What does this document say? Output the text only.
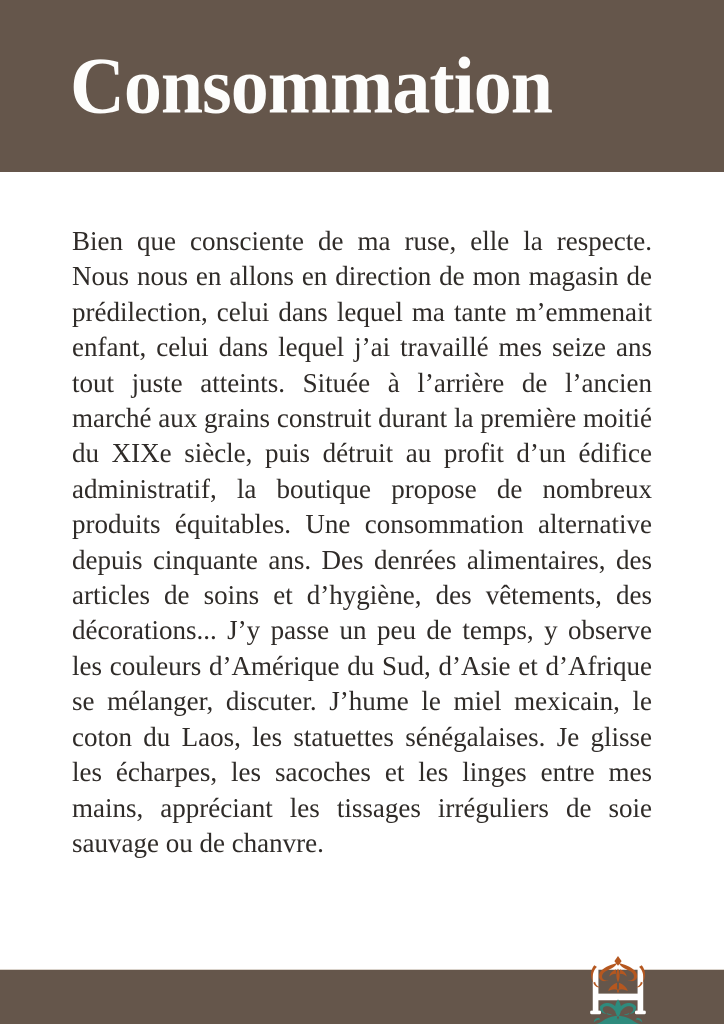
Consommation

Bien que consciente de ma ruse, elle la respecte. Nous nous en allons en direction de mon magasin de prédilection, celui dans lequel ma tante m’emmenait enfant, celui dans lequel j’ai travaillé mes seize ans tout juste atteints. Située à l’arrière de l’ancien marché aux grains construit durant la première moitié du XIXe siècle, puis détruit au profit d’un édifice administratif, la boutique propose de nombreux produits équitables. Une consommation alternative depuis cinquante ans. Des denrées alimentaires, des articles de soins et d’hygiène, des vêtements, des décorations... J’y passe un peu de temps, y observe les couleurs d’Amérique du Sud, d’Asie et d’Afrique se mélanger, discuter. J’hume le miel mexicain, le coton du Laos, les statuettes sénégalaises. Je glisse les écharpes, les sacoches et les linges entre mes mains, appréciant les tissages irréguliers de soie sauvage ou de chanvre.
